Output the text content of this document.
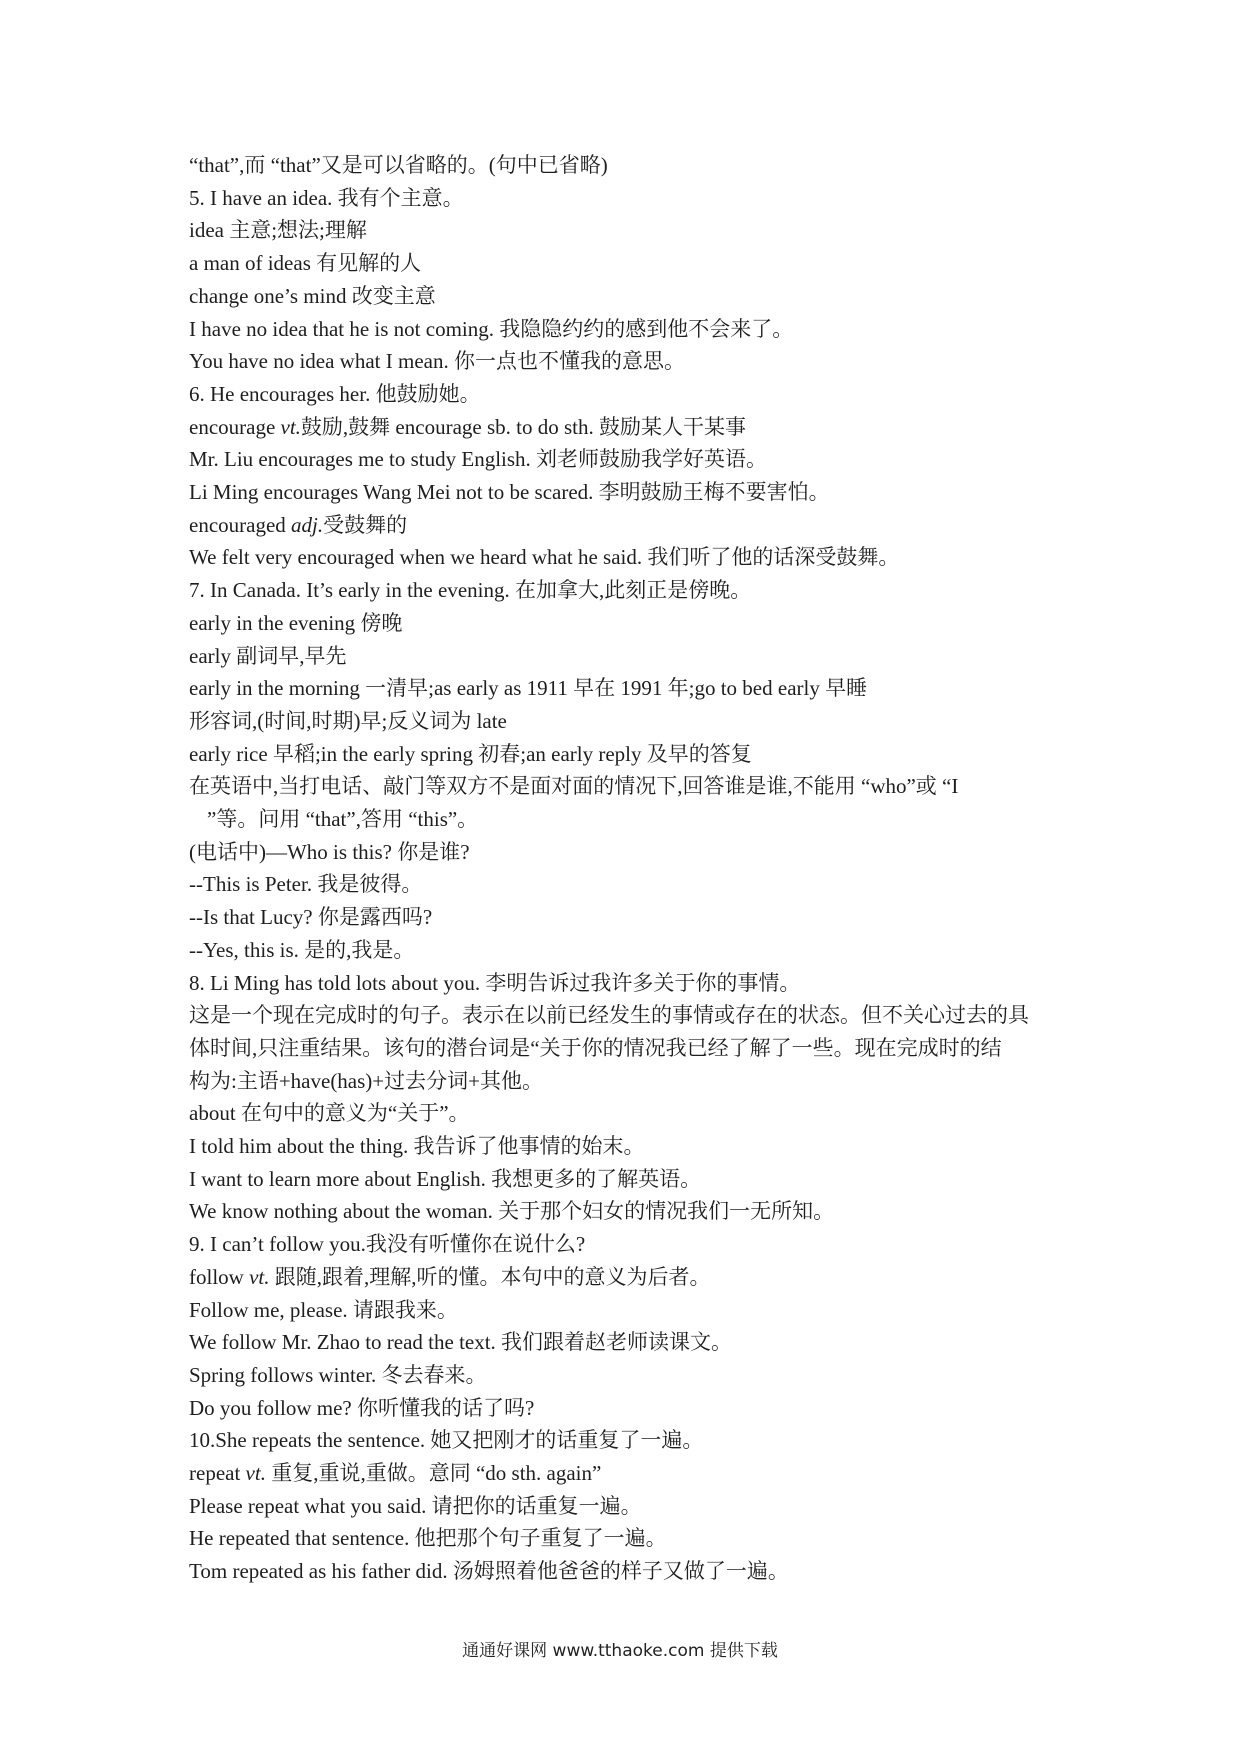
“that”,而 “that”又是可以省略的。(句中已省略)
5. I have an idea. 我有个主意。
idea 主意;想法;理解
a man of ideas 有见解的人
change one’s mind 改变主意
I have no idea that he is not coming. 我隐隐约约的感到他不会来了。
You have no idea what I mean. 你一点也不懂我的意思。
6. He encourages her. 他鼓励她。
encourage vt.鼓励,鼓舞 encourage sb. to do sth. 鼓励某人干某事
Mr. Liu encourages me to study English. 刘老师鼓励我学好英语。
Li Ming encourages Wang Mei not to be scared. 李明鼓励王梅不要害怕。
encouraged adj.受鼓舞的
We felt very encouraged when we heard what he said. 我们听了他的话深受鼓舞。
7. In Canada. It’s early in the evening. 在加拿大,此刻正是傍晚。
early in the evening 傍晚
early 副词早,早先
early in the morning 一清早;as early as 1911 早在 1991 年;go to bed early 早睡
形容词,(时间,时期)早;反义词为 late
early rice 早稻;in the early spring 初春;an early reply 及早的答复
在英语中,当打电话、敲门等双方不是面对面的情况下,回答谁是谁,不能用 “who”或 “I
”等。问用 “that”,答用 “this”。
(电话中)—Who is this? 你是谁?
--This is Peter. 我是彼得。
--Is that Lucy? 你是露西吗?
--Yes, this is. 是的,我是。
8. Li Ming has told lots about you. 李明告诉过我许多关于你的事情。
这是一个现在完成时的句子。表示在以前已经发生的事情或存在的状态。但不关心过去的具
体时间,只注重结果。该句的潜台词是“关于你的情况我已经了解了一些。现在完成时的结
构为:主语+have(has)+过去分词+其他。
about 在句中的意义为“关于”。
I told him about the thing. 我告诉了他事情的始末。
I want to learn more about English. 我想更多的了解英语。
We know nothing about the woman. 关于那个妇女的情况我们一无所知。
9. I can’t follow you.我没有听懂你在说什么?
follow vt. 跟随,跟着,理解,听的懂。本句中的意义为后者。
Follow me, please. 请跟我来。
We follow Mr. Zhao to read the text. 我们跟着赵老师读课文。
Spring follows winter. 冬去春来。
Do you follow me? 你听懂我的话了吗?
10.She repeats the sentence. 她又把刚才的话重复了一遍。
repeat vt. 重复,重说,重做。意同 “do sth. again”
Please repeat what you said. 请把你的话重复一遍。
He repeated that sentence. 他把那个句子重复了一遍。
Tom repeated as his father did. 汤姆照着他爸爸的样子又做了一遍。
通通好课网 www.tthaoke.com 提供下载
